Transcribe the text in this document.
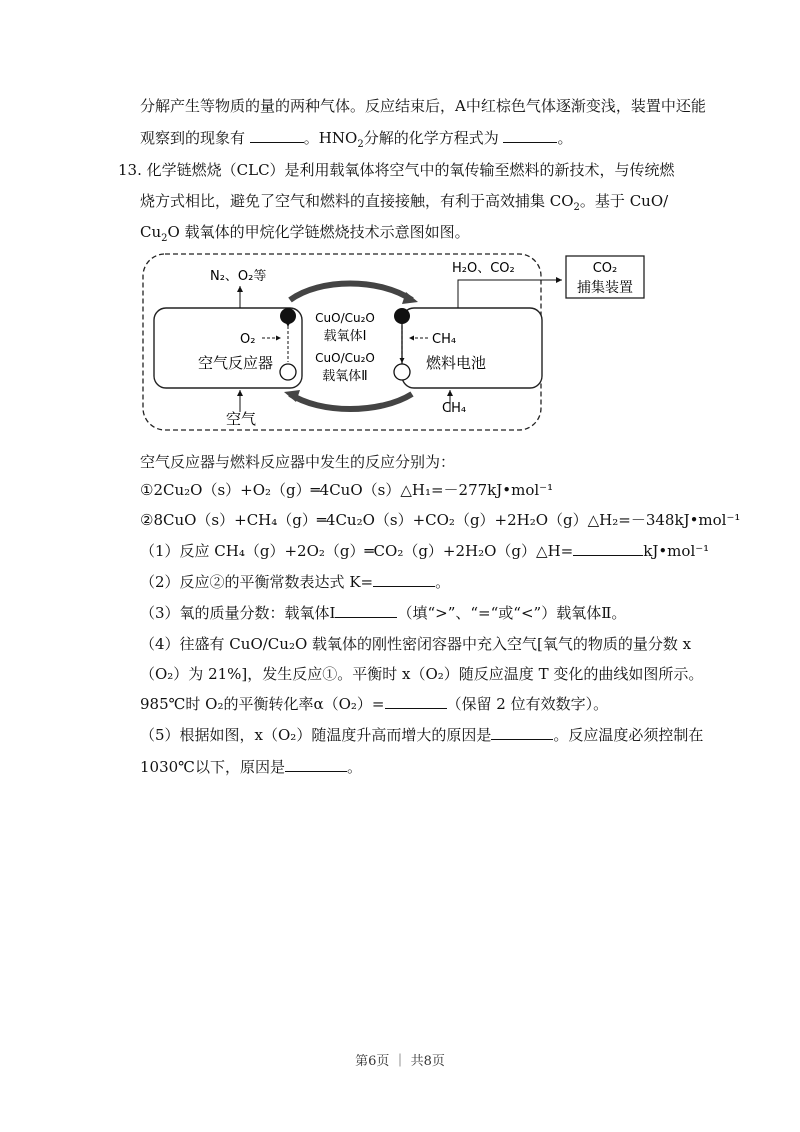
分解产生等物质的量的两种气体。反应结束后，A中红棕色气体逐渐变浅，装置中还能
观察到的现象有	。$HNO_2$分解的化学方程式为	。
13. 化学链燃烧（CLC）是利用载氧体将空气中的氧传输至燃料的新技术，与传统燃
烧方式相比，避免了空气和燃料的直接接触，有利于高效捕集 $CO_2$。基于 CuO/
$Cu_2O$ 载氧体的甲烷化学链燃烧技术示意图如图。
N₂、O₂等
H₂O、CO₂	CO₂
捕集装置
O₂	CH₄
空气反应器	燃料电池
CuO/Cu₂O
载氧体Ⅰ
CuO/Cu₂O
载氧体Ⅱ
空气
CH₄
空气反应器与燃料反应器中发生的反应分别为：
①2Cu₂O（s）+O₂（g）═4CuO（s）△H₁=－277kJ•mol⁻¹
②8CuO（s）+CH₄（g）═4Cu₂O（s）+CO₂（g）+2H₂O（g）△H₂=－348kJ•mol⁻¹
（1）反应 CH₄（g）+2O₂（g）═CO₂（g）+2H₂O（g）△H=	kJ•mol⁻¹
（2）反应②的平衡常数表达式 K=	。
（3）氧的质量分数：载氧体Ⅰ	（填“>”、“=“或“<”）载氧体Ⅱ。
（4）往盛有 CuO/Cu₂O 载氧体的刚性密闭容器中充入空气[氧气的物质的量分数 x
（O₂）为 21%]，发生反应①。平衡时 x（O₂）随反应温度 T 变化的曲线如图所示。
985℃时 O₂的平衡转化率α（O₂）=	（保留 2 位有效数字）。
（5）根据如图，x（O₂）随温度升高而增大的原因是	。反应温度必须控制在
1030℃以下，原因是	。
第6页 ｜ 共8页
